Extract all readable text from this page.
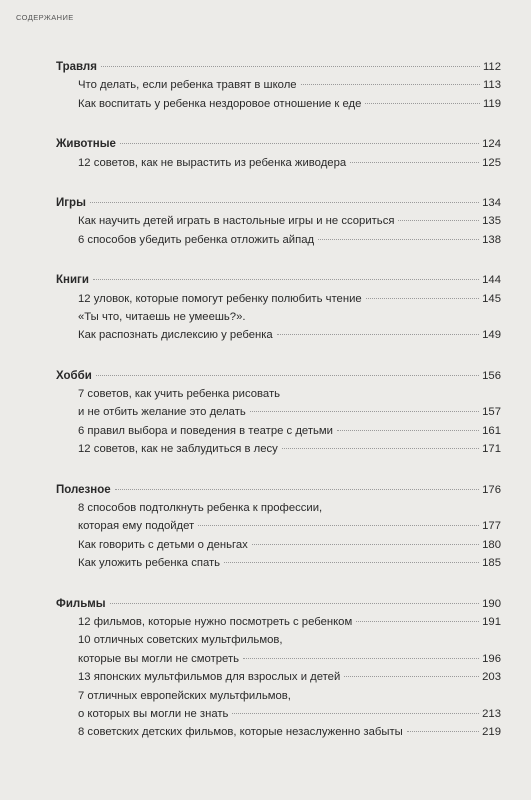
СОДЕРЖАНИЕ
Травля	112
Что делать, если ребенка травят в школе	113
Как воспитать у ребенка нездоровое отношение к еде	119
Животные	124
12 советов, как не вырастить из ребенка живодера	125
Игры	134
Как научить детей играть в настольные игры и не ссориться	135
6 способов убедить ребенка отложить айпад	138
Книги	144
12 уловок, которые помогут ребенку полюбить чтение	145
«Ты что, читаешь не умеешь?».
Как распознать дислексию у ребенка	149
Хобби	156
7 советов, как учить ребенка рисовать
и не отбить желание это делать	157
6 правил выбора и поведения в театре с детьми	161
12 советов, как не заблудиться в лесу	171
Полезное	176
8 способов подтолкнуть ребенка к профессии,
которая ему подойдет	177
Как говорить с детьми о деньгах	180
Как уложить ребенка спать	185
Фильмы	190
12 фильмов, которые нужно посмотреть с ребенком	191
10 отличных советских мультфильмов,
которые вы могли не смотреть	196
13 японских мультфильмов для взрослых и детей	203
7 отличных европейских мультфильмов,
о которых вы могли не знать	213
8 советских детских фильмов, которые незаслуженно забыты	219
